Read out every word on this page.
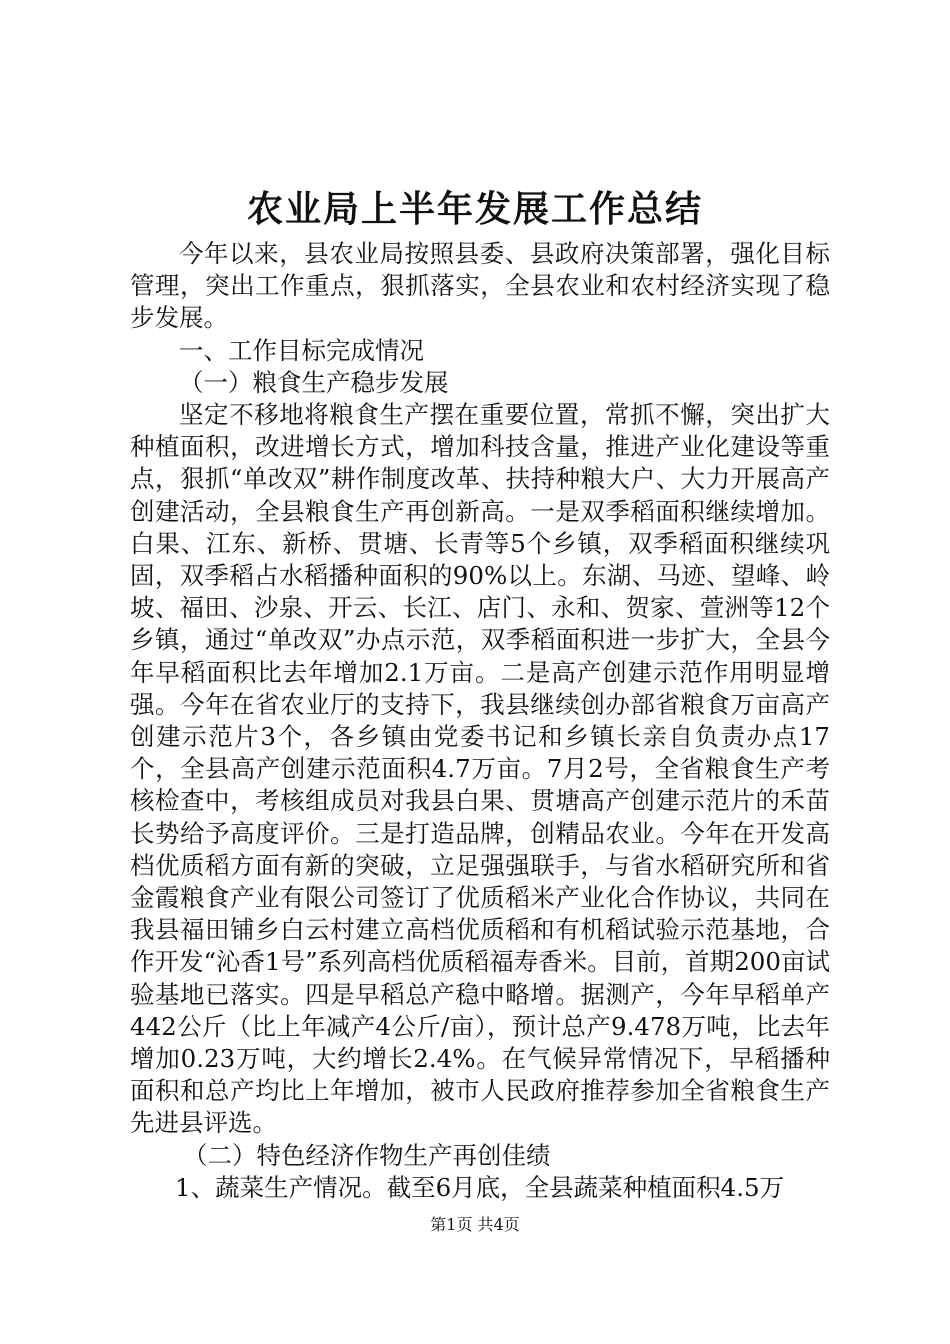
农业局上半年发展工作总结

今年以来，县农业局按照县委、县政府决策部署，强化目标管理，突出工作重点，狠抓落实，全县农业和农村经济实现了稳步发展。

一、工作目标完成情况

（一）粮食生产稳步发展

坚定不移地将粮食生产摆在重要位置，常抓不懈，突出扩大种植面积，改进增长方式，增加科技含量，推进产业化建设等重点，狠抓“单改双”耕作制度改革、扶持种粮大户、大力开展高产创建活动，全县粮食生产再创新高。一是双季稻面积继续增加。白果、江东、新桥、贯塘、长青等5个乡镇，双季稻面积继续巩固，双季稻占水稻播种面积的90%以上。东湖、马迹、望峰、岭坡、福田、沙泉、开云、长江、店门、永和、贺家、萱洲等12个乡镇，通过“单改双”办点示范，双季稻面积进一步扩大，全县今年早稻面积比去年增加2.1万亩。二是高产创建示范作用明显增强。今年在省农业厅的支持下，我县继续创办部省粮食万亩高产创建示范片3个，各乡镇由党委书记和乡镇长亲自负责办点17个，全县高产创建示范面积4.7万亩。7月2号，全省粮食生产考核检查中，考核组成员对我县白果、贯塘高产创建示范片的禾苗长势给予高度评价。三是打造品牌，创精品农业。今年在开发高档优质稻方面有新的突破，立足强强联手，与省水稻研究所和省金霞粮食产业有限公司签订了优质稻米产业化合作协议，共同在我县福田铺乡白云村建立高档优质稻和有机稻试验示范基地，合作开发“沁香1号”系列高档优质稻福寿香米。目前，首期200亩试验基地已落实。四是早稻总产稳中略增。据测产，今年早稻单产442公斤（比上年减产4公斤/亩），预计总产9.478万吨，比去年增加0.23万吨，大约增长2.4%。在气候异常情况下，早稻播种面积和总产均比上年增加，被市人民政府推荐参加全省粮食生产先进县评选。

（二）特色经济作物生产再创佳绩

1、蔬菜生产情况。截至6月底，全县蔬菜种植面积4.5万

第1页 共4页
